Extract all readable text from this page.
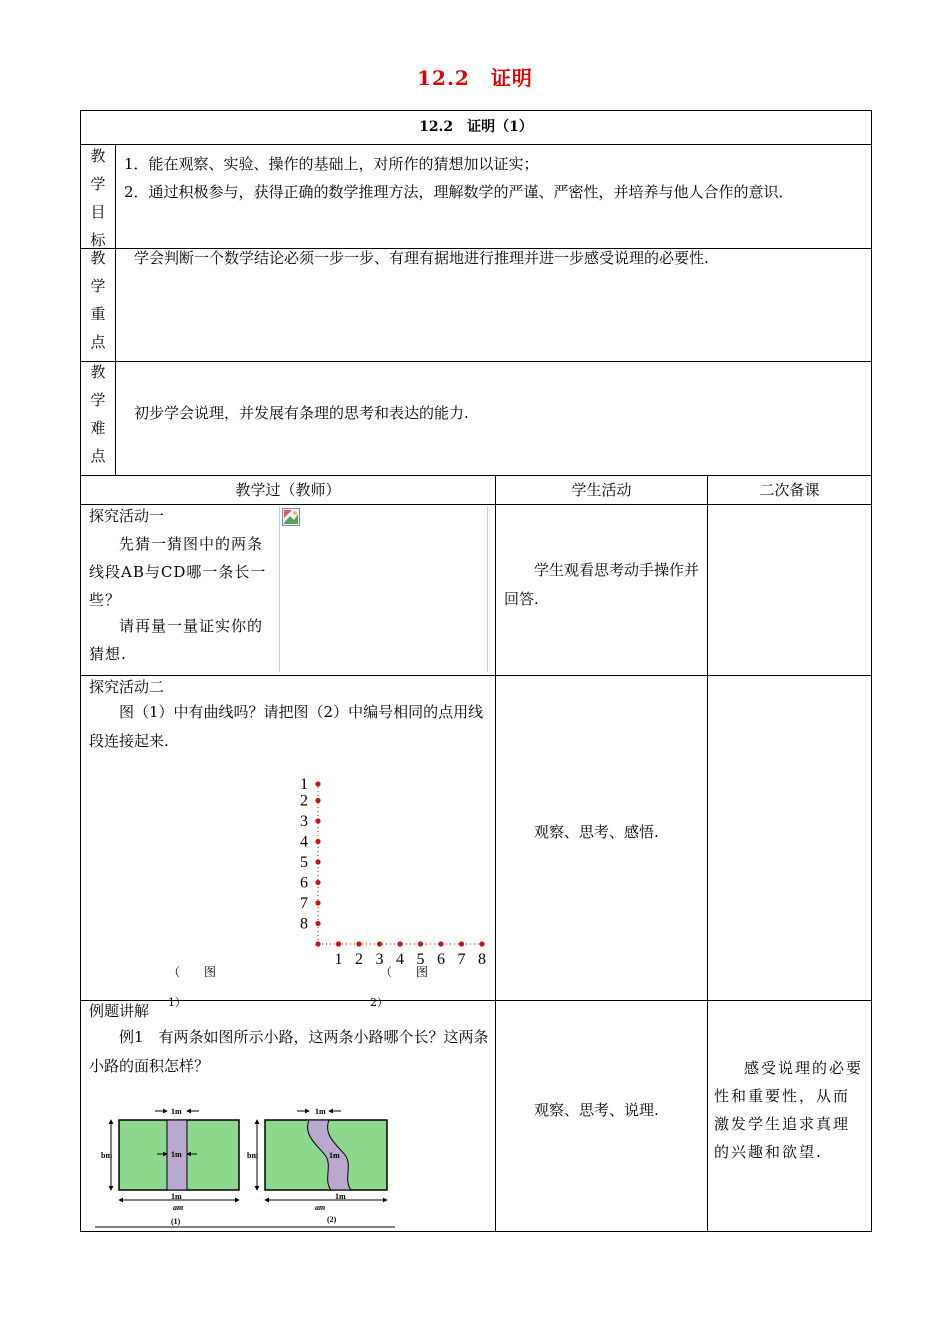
12.2　证明
12.2　证明（1）
教
学
目
标
1．能在观察、实验、操作的基础上，对所作的猜想加以证实；
2．通过积极参与，获得正确的数学推理方法，理解数学的严谨、严密性，并培养与他人合作的意识．
教
学
重
点
学会判断一个数学结论必须一步一步、有理有据地进行推理并进一步感受说理的必要性.
教
学
难
点
初步学会说理，并发展有条理的思考和表达的能力.
教学过（教师）	学生活动	二次备课
探究活动一
先猜一猜图中的两条线段AB与CD哪一条长一些？
请再量一量证实你的猜想.
学生观看思考动手操作并回答.
探究活动二
图（1）中有曲线吗？请把图（2）中编号相同的点用线段连接起来.
1
2
3
4
5
6
7
8
1 2 3 4 5 6 7 8
（　　图
1）
（　　图
2）
观察、思考、感悟.
例题讲解
例1　有两条如图所示小路，这两条小路哪个长？这两条小路的面积怎样？
1m
1m
1m
bm
am
(1)
1m
1m
1m
bm
am
(2)
观察、思考、说理.
感受说理的必要性和重要性，从而激发学生追求真理的兴趣和欲望.
